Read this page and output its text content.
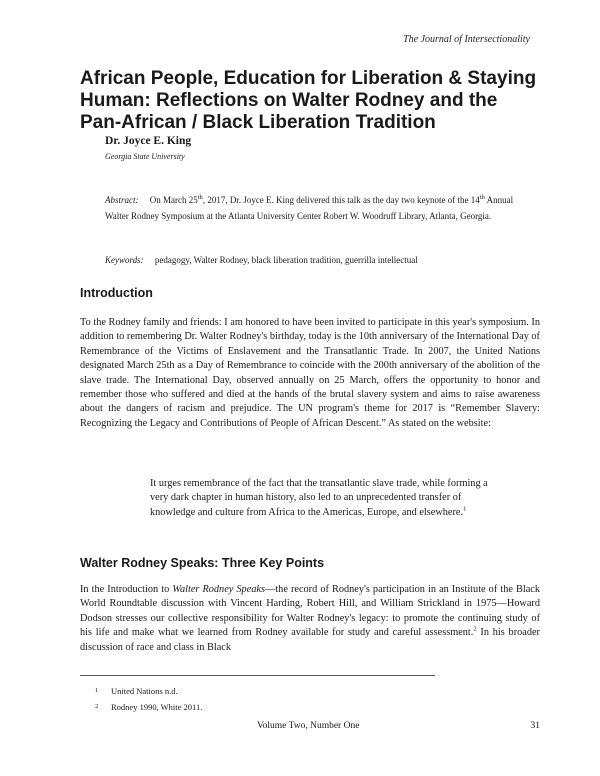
The Journal of Intersectionality
African People, Education for Liberation & Staying Human: Reflections on Walter Rodney and the Pan-African / Black Liberation Tradition
Dr. Joyce E. King
Georgia State University

Abstract: On March 25th, 2017, Dr. Joyce E. King delivered this talk as the day two keynote of the 14th Annual Walter Rodney Symposium at the Atlanta University Center Robert W. Woodruff Library, Atlanta, Georgia.

Keywords: pedagogy, Walter Rodney, black liberation tradition, guerrilla intellectual

Introduction

To the Rodney family and friends: I am honored to have been invited to participate in this year's symposium. In addition to remembering Dr. Walter Rodney's birthday, today is the 10th anniversary of the International Day of Remembrance of the Victims of Enslavement and the Transatlantic Trade. In 2007, the United Nations designated March 25th as a Day of Remembrance to coincide with the 200th anniversary of the abolition of the slave trade. The International Day, observed annually on 25 March, offers the opportunity to honor and remember those who suffered and died at the hands of the brutal slavery system and aims to raise awareness about the dangers of racism and prejudice. The UN program's theme for 2017 is “Remember Slavery: Recognizing the Legacy and Contributions of People of African Descent.” As stated on the website:

It urges remembrance of the fact that the transatlantic slave trade, while forming a very dark chapter in human history, also led to an unprecedented transfer of knowledge and culture from Africa to the Americas, Europe, and elsewhere.$^1$

Walter Rodney Speaks: Three Key Points

In the Introduction to Walter Rodney Speaks—the record of Rodney's participation in an Institute of the Black World Roundtable discussion with Vincent Harding, Robert Hill, and William Strickland in 1975—Howard Dodson stresses our collective responsibility for Walter Rodney's legacy: to promote the continuing study of his life and make what we learned from Rodney available for study and careful assessment.$^2$ In his broader discussion of race and class in Black

1 United Nations n.d.
2 Rodney 1990, White 2011.
Volume Two, Number One	31
